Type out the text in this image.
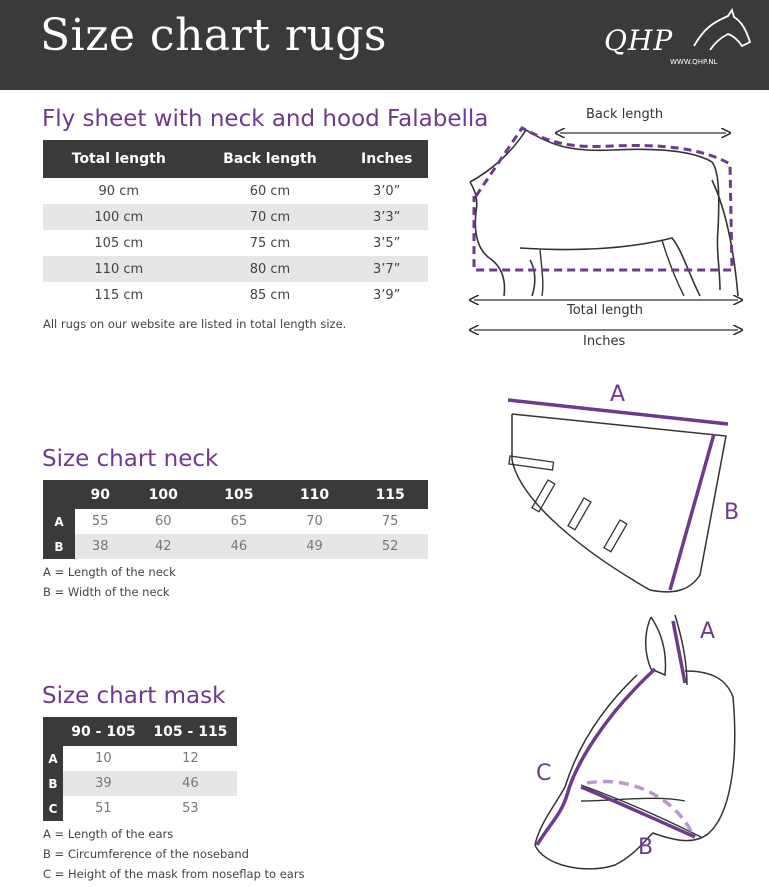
Size chart rugs	QHP
WWW.QHP.NL
Fly sheet with neck and hood Falabella
Total length	Back length	Inches
90 cm	60 cm	3’0”
100 cm	70 cm	3’3”
105 cm	75 cm	3’5”
110 cm	80 cm	3’7”
115 cm	85 cm	3’9”
All rugs on our website are listed in total length size.
Back length
Total length
Inches
Size chart neck
	90	100	105	110	115
A	55	60	65	70	75
B	38	42	46	49	52
A = Length of the neck
B = Width of the neck
A
B
Size chart mask
	90 - 105	105 - 115
A	10	12
B	39	46
C	51	53
A = Length of the ears
B = Circumference of the noseband
C = Height of the mask from noseflap to ears
A
B
C
